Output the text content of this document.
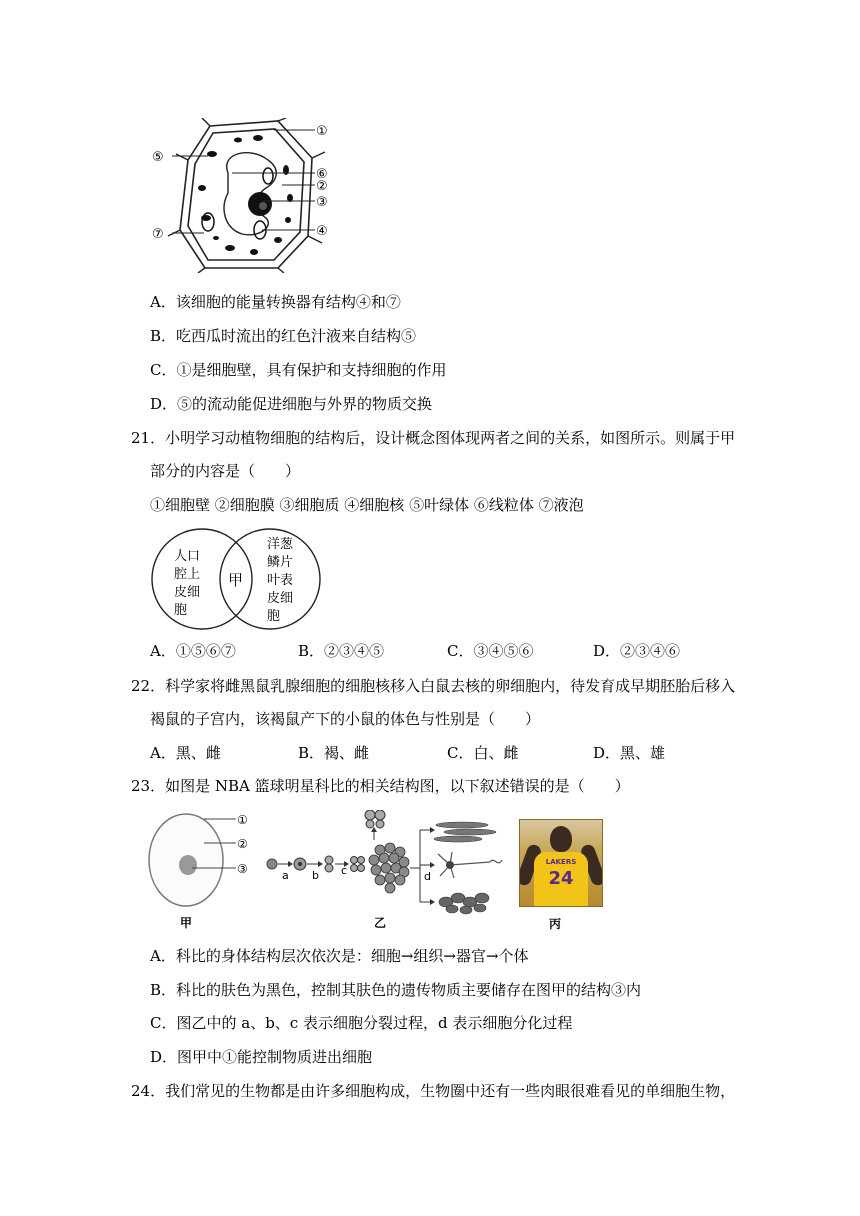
①
⑤
⑥
②
③
⑦	④
A．该细胞的能量转换器有结构④和⑦
B．吃西瓜时流出的红色汁液来自结构⑤
C．①是细胞壁，具有保护和支持细胞的作用
D．⑤的流动能促进细胞与外界的物质交换
21．小明学习动植物细胞的结构后，设计概念图体现两者之间的关系，如图所示。则属于甲
部分的内容是（　　）
①细胞壁 ②细胞膜 ③细胞质 ④细胞核 ⑤叶绿体 ⑥线粒体 ⑦液泡
人口
腔上
皮细
胞
甲
洋葱
鳞片
叶表
皮细
胞
A．①⑤⑥⑦	B．②③④⑤	C．③④⑤⑥	D．②③④⑥
22．科学家将雌黑鼠乳腺细胞的细胞核移入白鼠去核的卵细胞内，待发育成早期胚胎后移入
褐鼠的子宫内，该褐鼠产下的小鼠的体色与性别是（　　）
A．黑、雌	B．褐、雌	C．白、雌	D．黑、雄
23．如图是 NBA 篮球明星科比的相关结构图，以下叙述错误的是（　　）
①
②
③
甲
a b c	d
乙
LAKERS
24
丙
A．科比的身体结构层次依次是：细胞→组织→器官→个体
B．科比的肤色为黑色，控制其肤色的遗传物质主要储存在图甲的结构③内
C．图乙中的 a、b、c 表示细胞分裂过程，d 表示细胞分化过程
D．图甲中①能控制物质进出细胞
24．我们常见的生物都是由许多细胞构成，生物圈中还有一些肉眼很难看见的单细胞生物，
